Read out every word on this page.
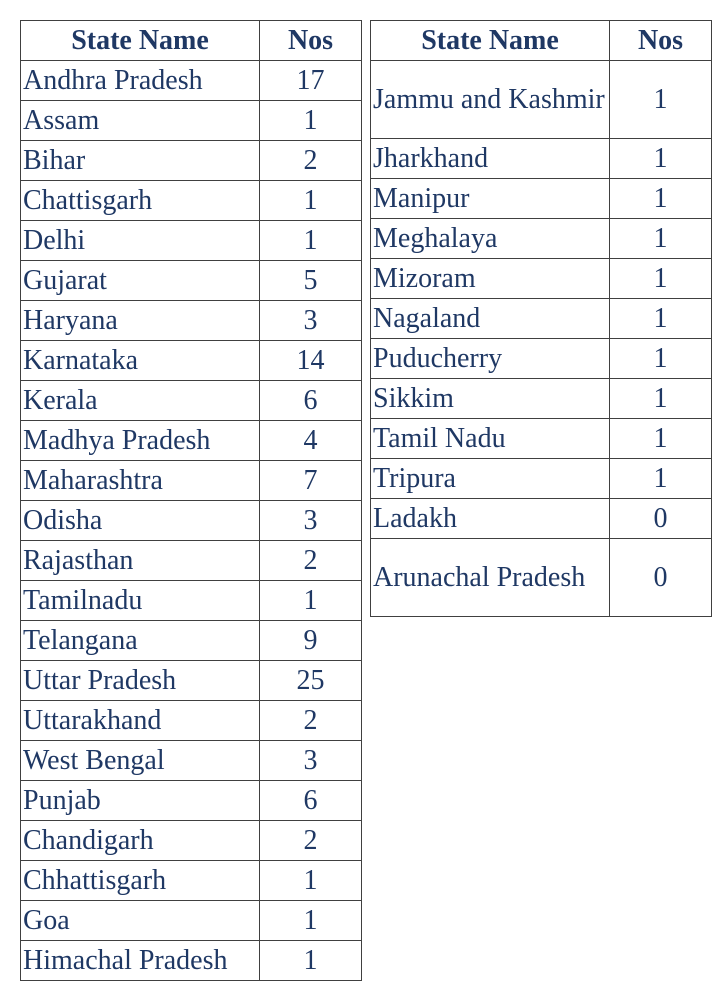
State Name	Nos
Andhra Pradesh	17
Assam	1
Bihar	2
Chattisgarh	1
Delhi	1
Gujarat	5
Haryana	3
Karnataka	14
Kerala	6
Madhya Pradesh	4
Maharashtra	7
Odisha	3
Rajasthan	2
Tamilnadu	1
Telangana	9
Uttar Pradesh	25
Uttarakhand	2
West Bengal	3
Punjab	6
Chandigarh	2
Chhattisgarh	1
Goa	1
Himachal Pradesh	1
State Name	Nos
Jammu and Kashmir	1
Jharkhand	1
Manipur	1
Meghalaya	1
Mizoram	1
Nagaland	1
Puducherry	1
Sikkim	1
Tamil Nadu	1
Tripura	1
Ladakh	0
Arunachal Pradesh	0
